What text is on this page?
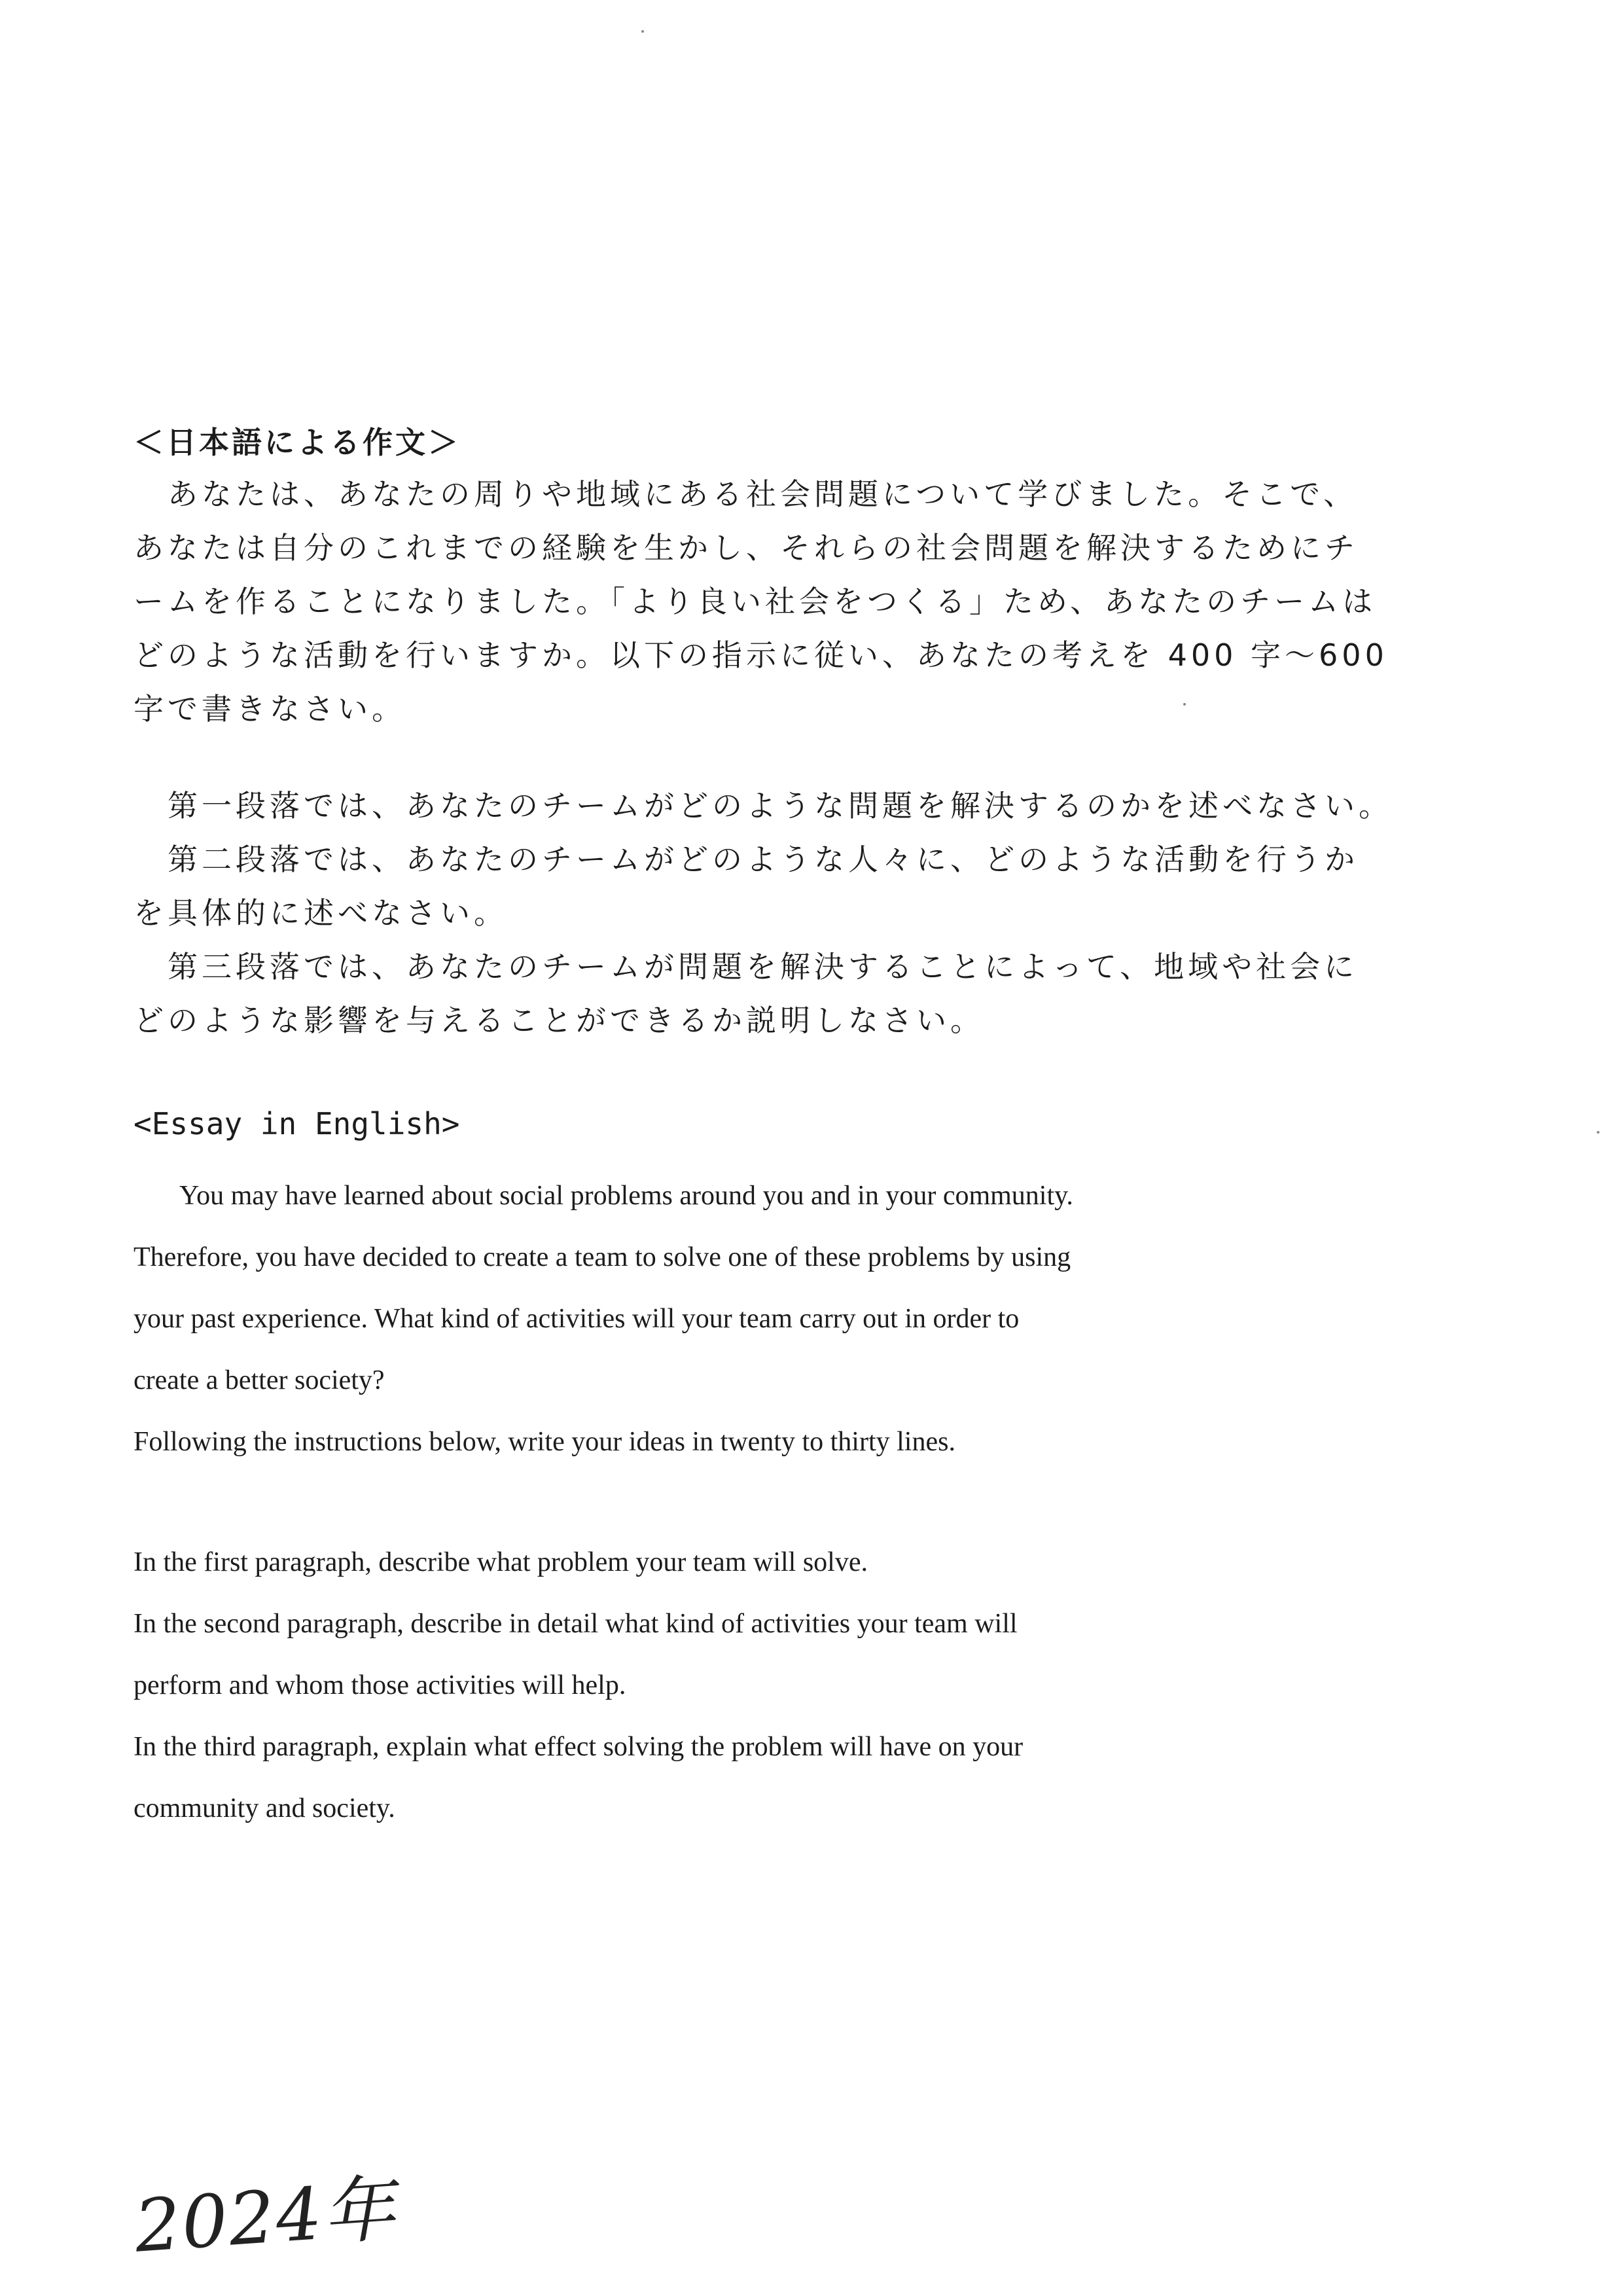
＜日本語による作文＞
あなたは、あなたの周りや地域にある社会問題について学びました。そこで、
あなたは自分のこれまでの経験を生かし、それらの社会問題を解決するためにチ
ームを作ることになりました。「より良い社会をつくる」ため、あなたのチームは
どのような活動を行いますか。以下の指示に従い、あなたの考えを 400 字～600
字で書きなさい。
第一段落では、あなたのチームがどのような問題を解決するのかを述べなさい。
第二段落では、あなたのチームがどのような人々に、どのような活動を行うか
を具体的に述べなさい。
第三段落では、あなたのチームが問題を解決することによって、地域や社会に
どのような影響を与えることができるか説明しなさい。
<Essay in English>
You may have learned about social problems around you and in your community.
Therefore, you have decided to create a team to solve one of these problems by using
your past experience. What kind of activities will your team carry out in order to
create a better society?
Following the instructions below, write your ideas in twenty to thirty lines.
In the first paragraph, describe what problem your team will solve.
In the second paragraph, describe in detail what kind of activities your team will
perform and whom those activities will help.
In the third paragraph, explain what effect solving the problem will have on your
community and society.
2024年
